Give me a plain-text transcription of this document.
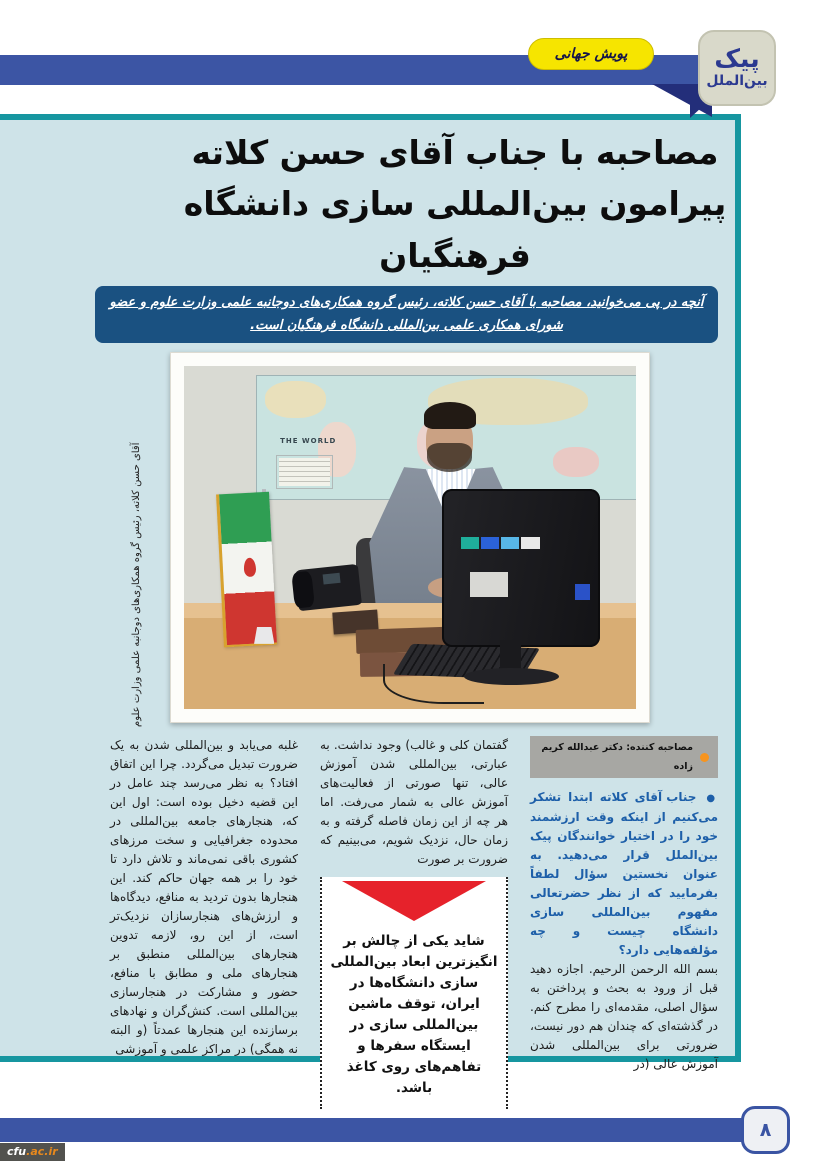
پویش جهانی	پیک
بین‌الملل
مصاحبه با جناب آقای حسن کلاته
پیرامون بین‌المللی سازی دانشگاه فرهنگیان
آنچه در پی می‌خوانید، مصاحبه با آقای حسن کلاته، رئیس گروه همکاری‌های دوجانبه علمی وزارت علوم و عضو شورای همکاری علمی بین‌المللی دانشگاه فرهنگیان است.
THE WORLD
آقای حسن کلاته، رئیس گروه همکاری‌های دوجانبه علمی وزارت علوم
مصاحبه کننده: دکتر عبدالله کریم زاده

● جناب آقای کلاته ابتدا تشکر می‌کنیم از اینکه وقت ارزشمند خود را در اختیار خوانندگان پیک بین‌الملل قرار می‌دهید. به عنوان نخستین سؤال لطفاً بفرمایید که از نظر حضرتعالی مفهوم بین‌المللی سازی دانشگاه چیست و چه مؤلفه‌هایی دارد؟

بسم الله الرحمن الرحیم. اجازه دهید قبل از ورود به بحث و پرداختن به سؤال اصلی، مقدمه‌ای را مطرح کنم. در گذشته‌ای که چندان هم دور نیست، ضرورتی برای بین‌المللی شدن آموزش عالی (در

گفتمان کلی و غالب) وجود نداشت. به عبارتی، بین‌المللی شدن آموزش عالی، تنها صورتی از فعالیت‌های آموزش عالی به شمار می‌رفت. اما هر چه از این زمان فاصله گرفته و به زمان حال، نزدیک شویم، می‌بینیم که ضرورت بر صورت

شاید یکی از چالش بر انگیزترین ابعاد بین‌المللی سازی دانشگاه‌ها در ایران، توقف ماشین بین‌المللی سازی در ایستگاه سفرها و تفاهم‌های روی کاغذ باشد.

غلبه می‌یابد و بین‌المللی شدن به یک ضرورت تبدیل می‌گردد. چرا این اتفاق افتاد؟ به نظر می‌رسد چند عامل در این قضیه دخیل بوده است: اول این که، هنجارهای جامعه بین‌المللی در محدوده جغرافیایی و سخت مرزهای کشوری باقی نمی‌ماند و تلاش دارد تا خود را بر همه جهان حاکم کند. این هنجارها بدون تردید به منافع، دیدگاه‌ها و ارزش‌های هنجارسازان نزدیک‌تر است، از این رو، لازمه تدوین هنجارهای بین‌المللی منطبق بر هنجارهای ملی و مطابق با منافع، حضور و مشارکت در هنجارسازی بین‌المللی است. کنش‌گران و نهادهای برسازنده این هنجارها عمدتاً (و البته نه همگی) در مراکز علمی و آموزشی

۸
cfu.ac.ir
